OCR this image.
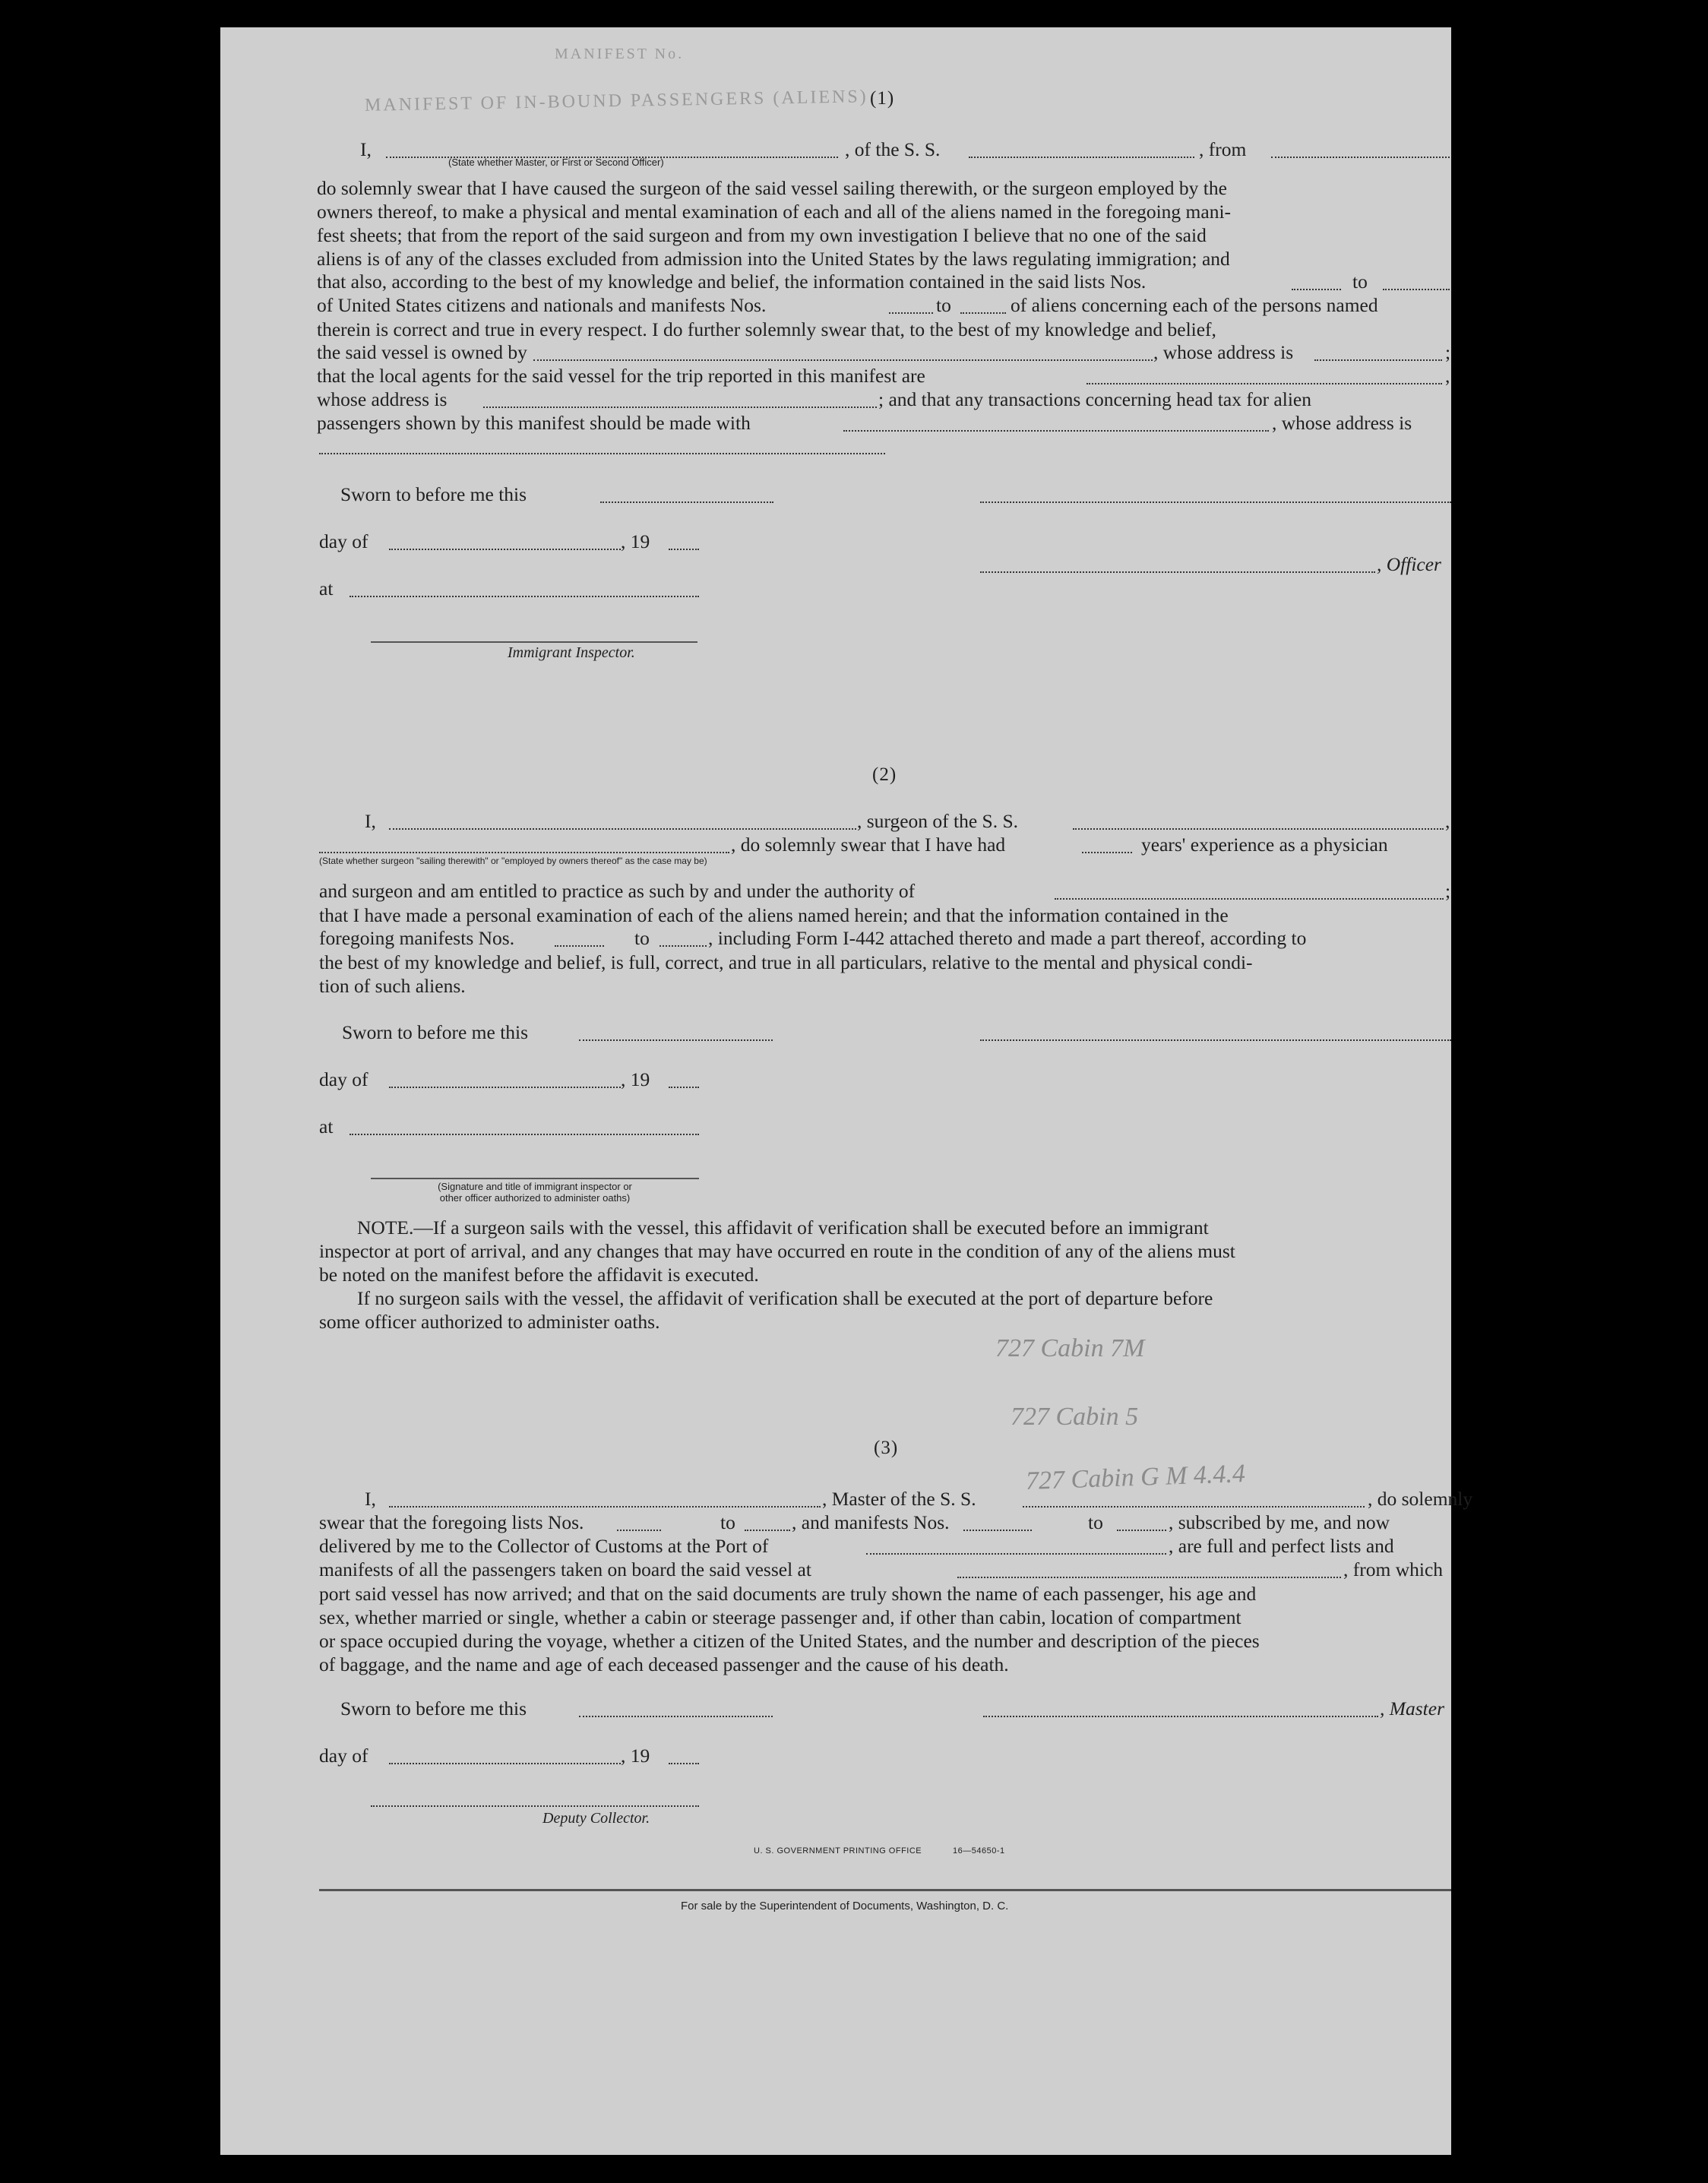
MANIFEST No.
MANIFEST OF IN-BOUND PASSENGERS (ALIENS) (1)
I,	, of the S. S.	, from
(State whether Master, or First or Second Officer)
do solemnly swear that I have caused the surgeon of the said vessel sailing therewith, or the surgeon employed by the
owners thereof, to make a physical and mental examination of each and all of the aliens named in the foregoing mani-
fest sheets; that from the report of the said surgeon and from my own investigation I believe that no one of the said
aliens is of any of the classes excluded from admission into the United States by the laws regulating immigration; and
that also, according to the best of my knowledge and belief, the information contained in the said lists Nos.	to
of United States citizens and nationals and manifests Nos.	to	of aliens concerning each of the persons named
therein is correct and true in every respect. I do further solemnly swear that, to the best of my knowledge and belief,
the said vessel is owned by	, whose address is	;
that the local agents for the said vessel for the trip reported in this manifest are	,
whose address is	; and that any transactions concerning head tax for alien
passengers shown by this manifest should be made with	, whose address is
Sworn to before me this
day of	, 19
, Officer
at
Immigrant Inspector.
(2)
I,	, surgeon of the S. S.	,
, do solemnly swear that I have had	years' experience as a physician
(State whether surgeon "sailing therewith" or "employed by owners thereof" as the case may be)
and surgeon and am entitled to practice as such by and under the authority of	;
that I have made a personal examination of each of the aliens named herein; and that the information contained in the
foregoing manifests Nos.	to	, including Form I-442 attached thereto and made a part thereof, according to
the best of my knowledge and belief, is full, correct, and true in all particulars, relative to the mental and physical condi-
tion of such aliens.
Sworn to before me this
day of	, 19
at
(Signature and title of immigrant inspector or
other officer authorized to administer oaths)
NOTE.—If a surgeon sails with the vessel, this affidavit of verification shall be executed before an immigrant
inspector at port of arrival, and any changes that may have occurred en route in the condition of any of the aliens must
be noted on the manifest before the affidavit is executed.
If no surgeon sails with the vessel, the affidavit of verification shall be executed at the port of departure before
some officer authorized to administer oaths.
727 Cabin 7M
727 Cabin 5
727 Cabin G M 4.4.4
(3)
I,	, Master of the S. S.	, do solemnly
swear that the foregoing lists Nos.	to	, and manifests Nos.	to	, subscribed by me, and now
delivered by me to the Collector of Customs at the Port of	, are full and perfect lists and
manifests of all the passengers taken on board the said vessel at	, from which
port said vessel has now arrived; and that on the said documents are truly shown the name of each passenger, his age and
sex, whether married or single, whether a cabin or steerage passenger and, if other than cabin, location of compartment
or space occupied during the voyage, whether a citizen of the United States, and the number and description of the pieces
of baggage, and the name and age of each deceased passenger and the cause of his death.
Sworn to before me this	, Master
day of	, 19
Deputy Collector.
U. S. GOVERNMENT PRINTING OFFICE	16—54650-1
For sale by the Superintendent of Documents, Washington, D. C.
